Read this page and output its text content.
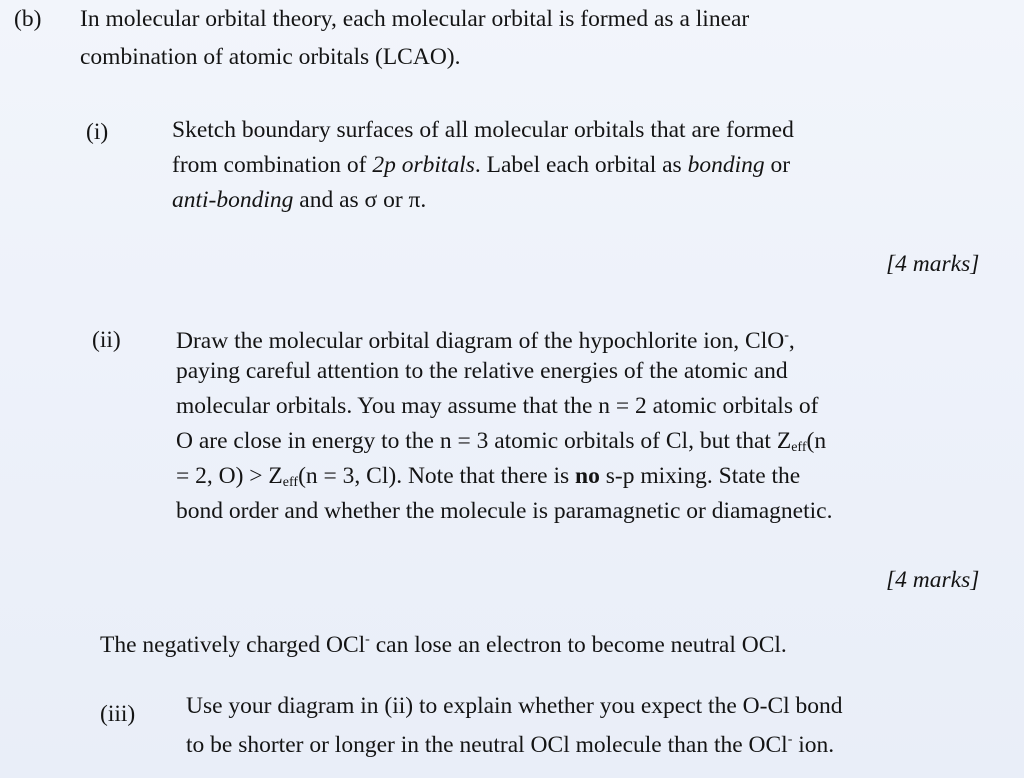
(b) In molecular orbital theory, each molecular orbital is formed as a linear
combination of atomic orbitals (LCAO).
(i)	Sketch boundary surfaces of all molecular orbitals that are formed
from combination of 2p orbitals. Label each orbital as bonding or
anti-bonding and as σ or π.
[4 marks]
(ii) Draw the molecular orbital diagram of the hypochlorite ion, ClO-,
paying careful attention to the relative energies of the atomic and
molecular orbitals. You may assume that the n = 2 atomic orbitals of
O are close in energy to the n = 3 atomic orbitals of Cl, but that $Z_{eff}(n$
= 2, $O) > Z_{eff}(n = 3$, Cl). Note that there is no s-p mixing. State the
bond order and whether the molecule is paramagnetic or diamagnetic.
[4 marks]
The negatively charged OCl- can lose an electron to become neutral OCl.
(iii) Use your diagram in (ii) to explain whether you expect the O-Cl bond
to be shorter or longer in the neutral OCl molecule than the OCl- ion.
